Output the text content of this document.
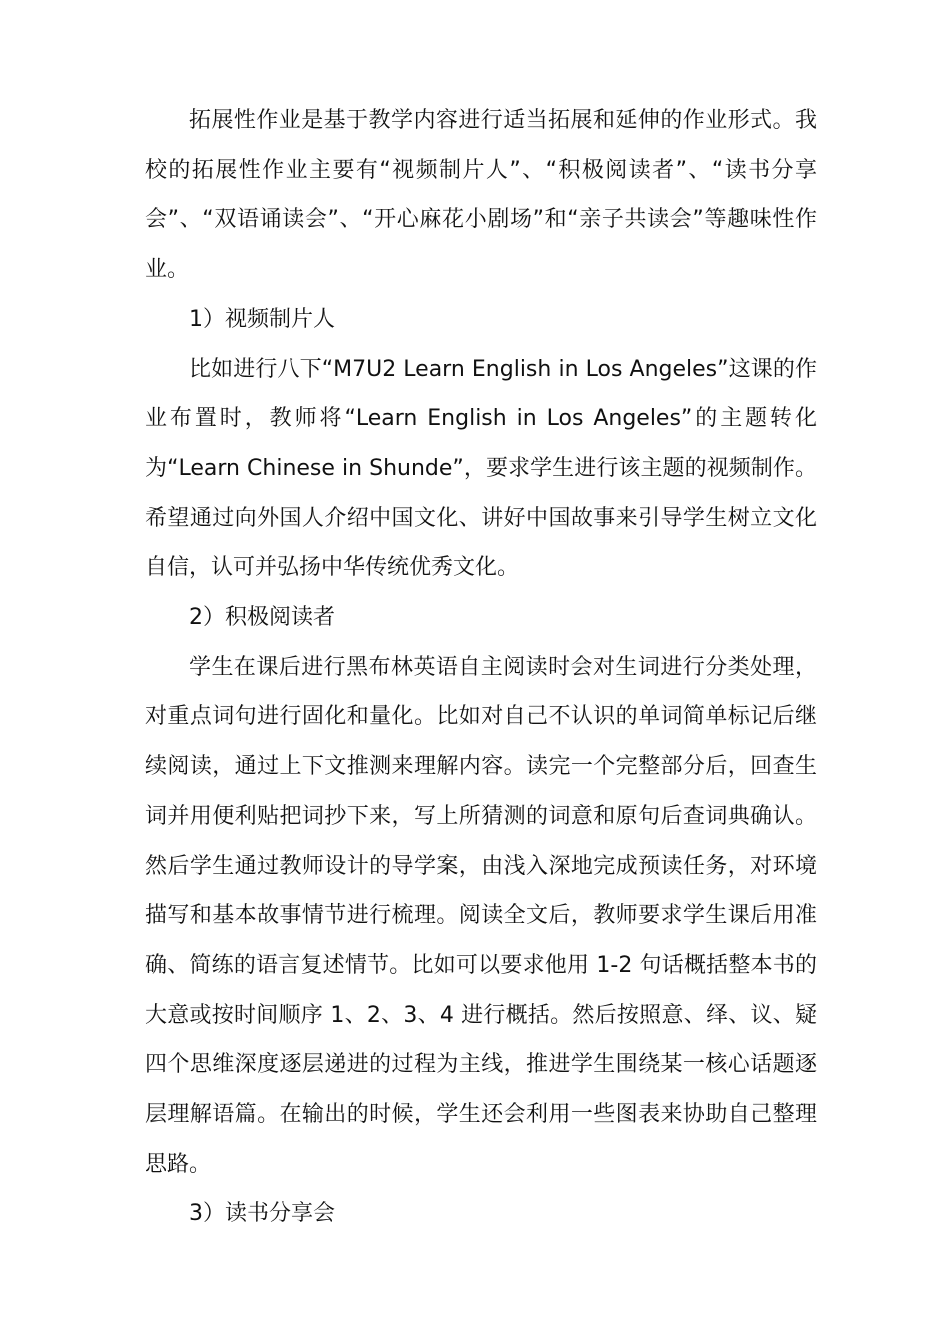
拓展性作业是基于教学内容进行适当拓展和延伸的作业形式。我校的拓展性作业主要有“视频制片人”、“积极阅读者”、“读书分享会”、“双语诵读会”、“开心麻花小剧场”和“亲子共读会”等趣味性作业。

1）视频制片人

比如进行八下“M7U2 Learn English in Los Angeles”这课的作业布置时，教师将“Learn English in Los Angeles”的主题转化为“Learn Chinese in Shunde”，要求学生进行该主题的视频制作。希望通过向外国人介绍中国文化、讲好中国故事来引导学生树立文化自信，认可并弘扬中华传统优秀文化。

2）积极阅读者

学生在课后进行黑布林英语自主阅读时会对生词进行分类处理，对重点词句进行固化和量化。比如对自己不认识的单词简单标记后继续阅读，通过上下文推测来理解内容。读完一个完整部分后，回查生词并用便利贴把词抄下来，写上所猜测的词意和原句后查词典确认。然后学生通过教师设计的导学案，由浅入深地完成预读任务，对环境描写和基本故事情节进行梳理。阅读全文后，教师要求学生课后用准确、简练的语言复述情节。比如可以要求他用 1-2 句话概括整本书的大意或按时间顺序 1、2、3、4 进行概括。然后按照意、绎、议、疑四个思维深度逐层递进的过程为主线，推进学生围绕某一核心话题逐层理解语篇。在输出的时候，学生还会利用一些图表来协助自己整理思路。

3）读书分享会
